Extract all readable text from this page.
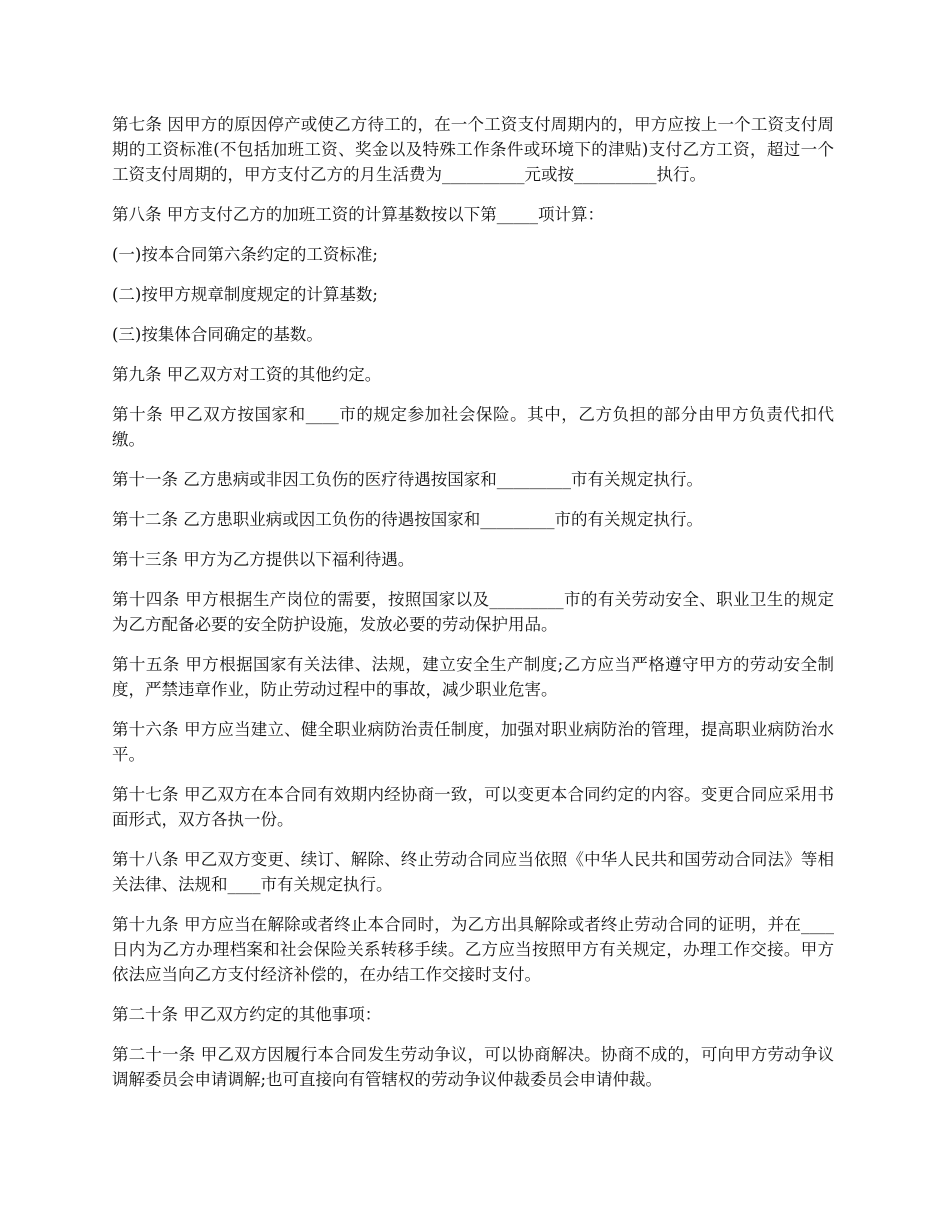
第七条 因甲方的原因停产或使乙方待工的，在一个工资支付周期内的，甲方应按上一个工资支付周期的工资标准(不包括加班工资、奖金以及特殊工作条件或环境下的津贴)支付乙方工资，超过一个工资支付周期的，甲方支付乙方的月生活费为__________元或按__________执行。

第八条 甲方支付乙方的加班工资的计算基数按以下第_____项计算：

(一)按本合同第六条约定的工资标准;

(二)按甲方规章制度规定的计算基数;

(三)按集体合同确定的基数。

第九条 甲乙双方对工资的其他约定。

第十条 甲乙双方按国家和____市的规定参加社会保险。其中，乙方负担的部分由甲方负责代扣代缴。

第十一条 乙方患病或非因工负伤的医疗待遇按国家和_________市有关规定执行。

第十二条 乙方患职业病或因工负伤的待遇按国家和_________市的有关规定执行。

第十三条 甲方为乙方提供以下福利待遇。

第十四条 甲方根据生产岗位的需要，按照国家以及_________市的有关劳动安全、职业卫生的规定为乙方配备必要的安全防护设施，发放必要的劳动保护用品。

第十五条 甲方根据国家有关法律、法规，建立安全生产制度;乙方应当严格遵守甲方的劳动安全制度，严禁违章作业，防止劳动过程中的事故，减少职业危害。

第十六条 甲方应当建立、健全职业病防治责任制度，加强对职业病防治的管理，提高职业病防治水平。

第十七条 甲乙双方在本合同有效期内经协商一致，可以变更本合同约定的内容。变更合同应采用书面形式，双方各执一份。

第十八条 甲乙双方变更、续订、解除、终止劳动合同应当依照《中华人民共和国劳动合同法》等相关法律、法规和____市有关规定执行。

第十九条 甲方应当在解除或者终止本合同时，为乙方出具解除或者终止劳动合同的证明，并在____日内为乙方办理档案和社会保险关系转移手续。乙方应当按照甲方有关规定，办理工作交接。甲方依法应当向乙方支付经济补偿的，在办结工作交接时支付。

第二十条 甲乙双方约定的其他事项：

第二十一条 甲乙双方因履行本合同发生劳动争议，可以协商解决。协商不成的，可向甲方劳动争议调解委员会申请调解;也可直接向有管辖权的劳动争议仲裁委员会申请仲裁。
